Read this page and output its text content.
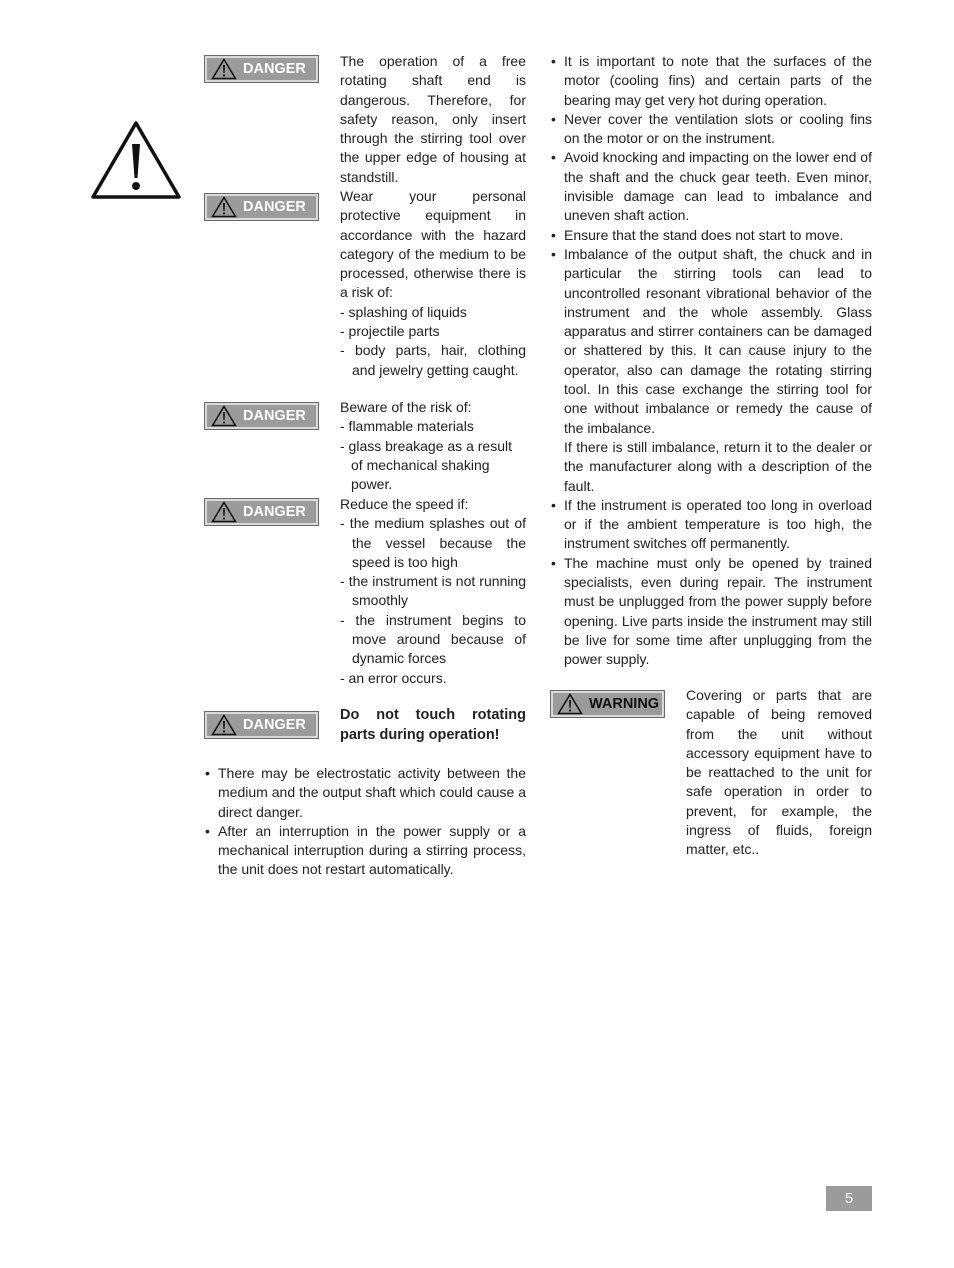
DANGER
DANGER
DANGER
DANGER
DANGER
WARNING

The operation of a free rotating shaft end is dangerous. Therefore, for safety reason, only insert through the stirring tool over the upper edge of housing at standstill.

Wear your personal protective equipment in accordance with the hazard category of the medium to be processed, otherwise there is a risk of:

- splashing of liquids

- projectile parts

- body parts, hair, clothing and jewelry getting caught.

Beware of the risk of:

- flammable materials

- glass breakage as a result of mechanical shaking power.

Reduce the speed if:

- the medium splashes out of the vessel because the speed is too high

- the instrument is not running smoothly

- the instrument begins to move around because of dynamic forces

- an error occurs.

Do not touch rotating parts during operation!

• There may be electrostatic activity between the medium and the output shaft which could cause a direct danger.
• After an interruption in the power supply or a mechanical interruption during a stirring process, the unit does not restart automatically.
• It is important to note that the surfaces of the motor (cooling fins) and certain parts of the bearing may get very hot during operation.
• Never cover the ventilation slots or cooling fins on the motor or on the instrument.
• Avoid knocking and impacting on the lower end of the shaft and the chuck gear teeth. Even minor, invisible damage can lead to imbalance and uneven shaft action.
• Ensure that the stand does not start to move.
• Imbalance of the output shaft, the chuck and in particular the stirring tools can lead to uncontrolled resonant vibrational behavior of the instrument and the whole assembly. Glass apparatus and stirrer containers can be damaged or shattered by this. It can cause injury to the operator, also can damage the rotating stirring tool. In this case exchange the stirring tool for one without imbalance or remedy the cause of the imbalance.

If there is still imbalance, return it to the dealer or the manufacturer along with a description of the fault.

• If the instrument is operated too long in overload or if the ambient temperature is too high, the instrument switches off permanently.
• The machine must only be opened by trained specialists, even during repair. The instrument must be unplugged from the power supply before opening. Live parts inside the instrument may still be live for some time after unplugging from the power supply.

Covering or parts that are capable of being removed from the unit without accessory equipment have to be reattached to the unit for safe operation in order to prevent, for example, the ingress of fluids, foreign matter, etc..

5
